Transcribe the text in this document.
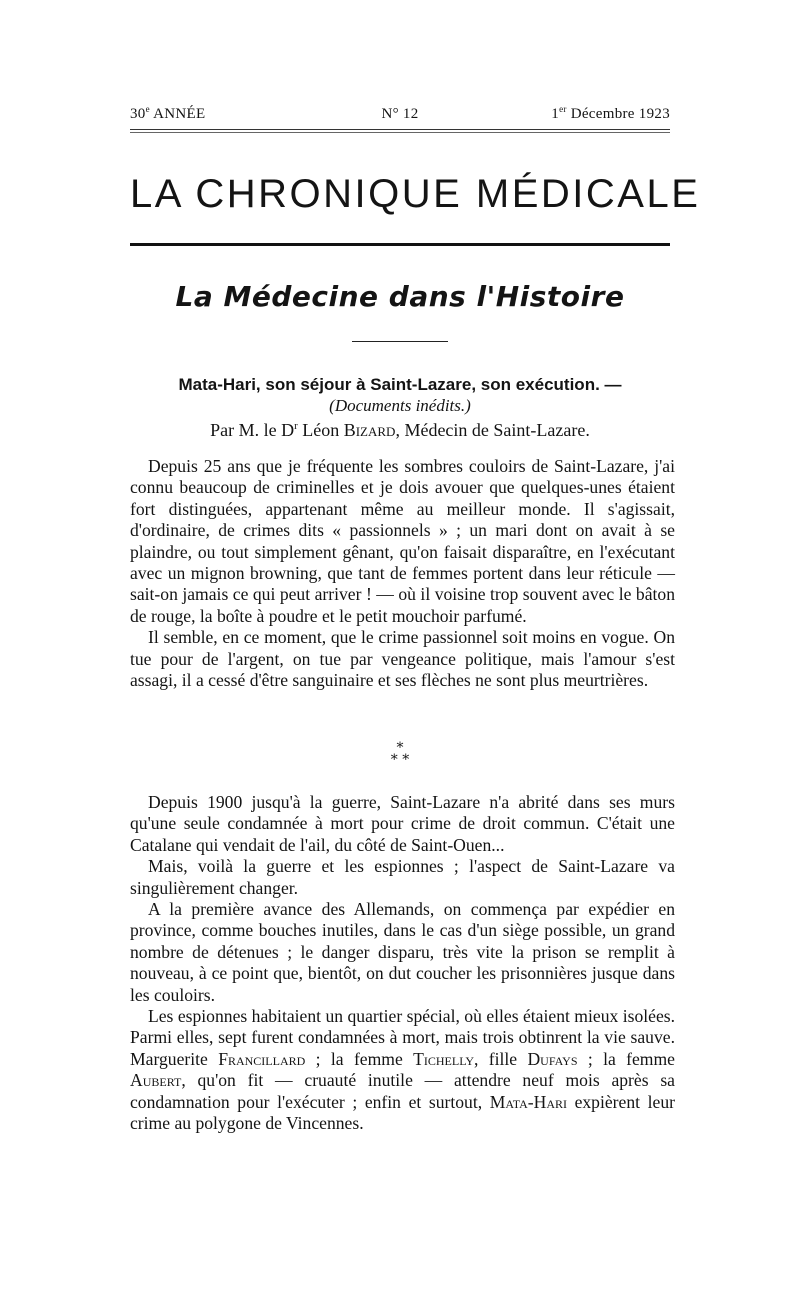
30e ANNÉE	N° 12	1er Décembre 1923
LA CHRONIQUE MÉDICALE
La Médecine dans l'Histoire
Mata-Hari, son séjour à Saint-Lazare, son exécution. —
(Documents inédits.)
Par M. le $D^r$ Léon Bizard, Médecin de Saint-Lazare.

Depuis 25 ans que je fréquente les sombres couloirs de Saint-Lazare, j'ai connu beaucoup de criminelles et je dois avouer que quelques-unes étaient fort distinguées, appartenant même au meilleur monde. Il s'agissait, d'ordinaire, de crimes dits « passionnels » ; un mari dont on avait à se plaindre, ou tout simplement gênant, qu'on faisait disparaître, en l'exécutant avec un mignon browning, que tant de femmes portent dans leur réticule — sait-on jamais ce qui peut arriver ! — où il voisine trop souvent avec le bâton de rouge, la boîte à poudre et le petit mouchoir parfumé.

Il semble, en ce moment, que le crime passionnel soit moins en vogue. On tue pour de l'argent, on tue par vengeance politique, mais l'amour s'est assagi, il a cessé d'être sanguinaire et ses flèches ne sont plus meurtrières.

*
* *

Depuis 1900 jusqu'à la guerre, Saint-Lazare n'a abrité dans ses murs qu'une seule condamnée à mort pour crime de droit commun. C'était une Catalane qui vendait de l'ail, du côté de Saint-Ouen...

Mais, voilà la guerre et les espionnes ; l'aspect de Saint-Lazare va singulièrement changer.

A la première avance des Allemands, on commença par expédier en province, comme bouches inutiles, dans le cas d'un siège possible, un grand nombre de détenues ; le danger disparu, très vite la prison se remplit à nouveau, à ce point que, bientôt, on dut coucher les prisonnières jusque dans les couloirs.

Les espionnes habitaient un quartier spécial, où elles étaient mieux isolées. Parmi elles, sept furent condamnées à mort, mais trois obtinrent la vie sauve. Marguerite Francillard ; la femme Tichelly, fille Dufays ; la femme Aubert, qu'on fit — cruauté inutile — attendre neuf mois après sa condamnation pour l'exécuter ; enfin et surtout, Mata-Hari expièrent leur crime au polygone de Vincennes.
